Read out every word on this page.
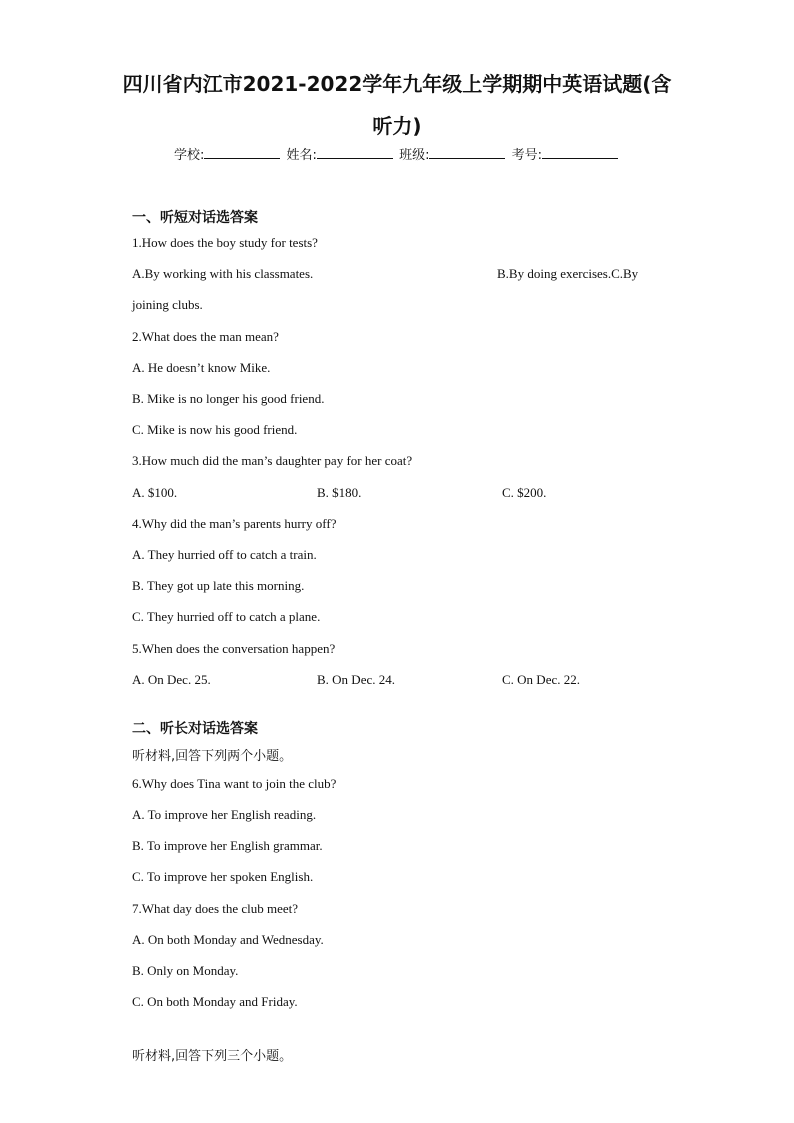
四川省内江市2021-2022学年九年级上学期期中英语试题(含
听力)
学校:	姓名:	班级:	考号:
一、听短对话选答案
1.How does the boy study for tests?
A.By working with his classmates.	B.By doing exercises.C.By
joining clubs.
2.What does the man mean?
A. He doesn’t know Mike.
B. Mike is no longer his good friend.
C. Mike is now his good friend.
3.How much did the man’s daughter pay for her coat?
A. $100.	B. $180.	C. $200.
4.Why did the man’s parents hurry off?
A. They hurried off to catch a train.
B. They got up late this morning.
C. They hurried off to catch a plane.
5.When does the conversation happen?
A. On Dec. 25.	B. On Dec. 24.	C. On Dec. 22.
二、听长对话选答案
听材料,回答下列两个小题。
6.Why does Tina want to join the club?
A. To improve her English reading.
B. To improve her English grammar.
C. To improve her spoken English.
7.What day does the club meet?
A. On both Monday and Wednesday.
B. Only on Monday.
C. On both Monday and Friday.
听材料,回答下列三个小题。
